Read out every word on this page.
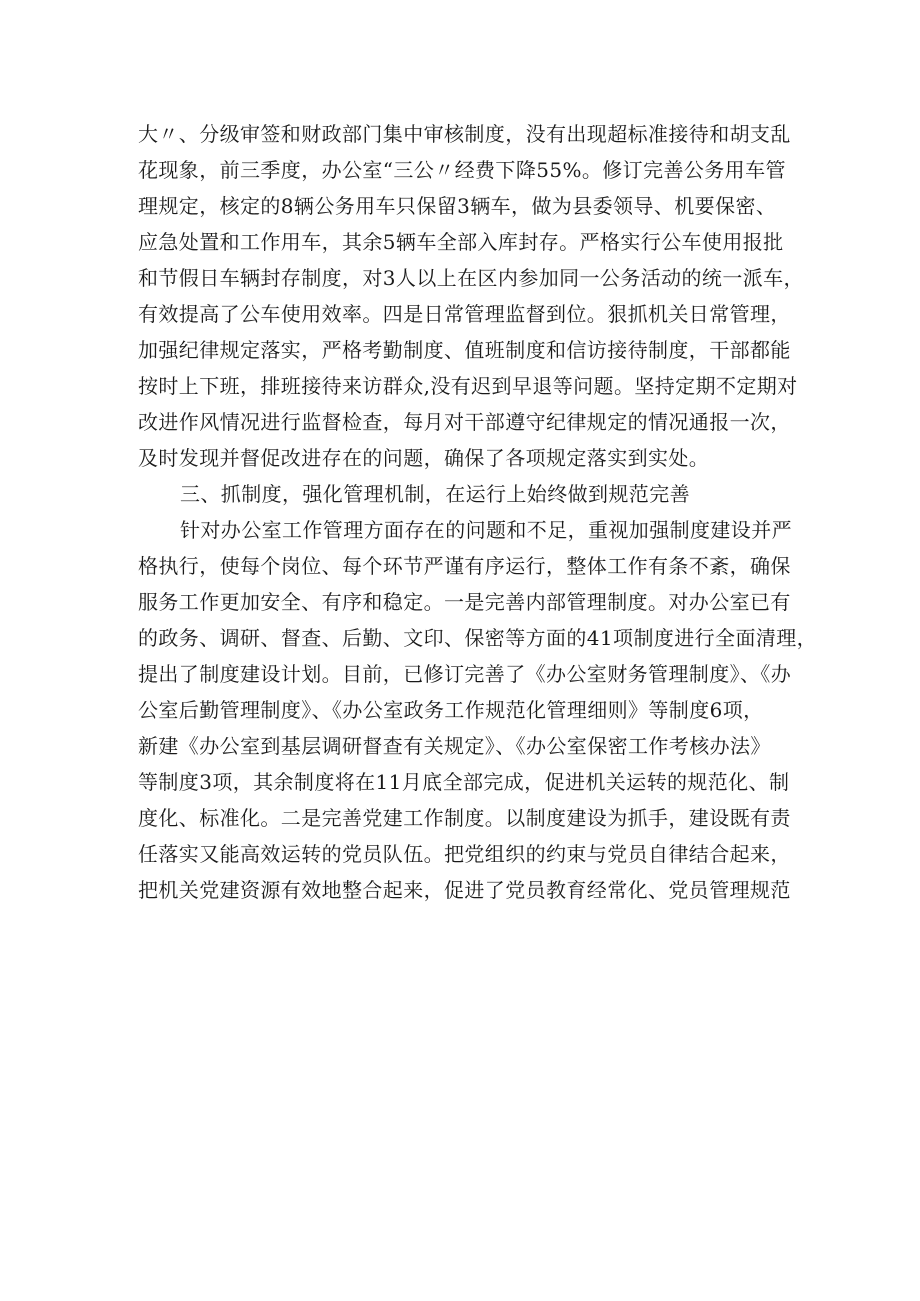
大〃、分级审签和财政部门集中审核制度，没有出现超标准接待和胡支乱
花现象，前三季度，办公室“三公〃经费下降55%。修订完善公务用车管
理规定，核定的8辆公务用车只保留3辆车，做为县委领导、机要保密、
应急处置和工作用车，其余5辆车全部入库封存。严格实行公车使用报批
和节假日车辆封存制度，对3人以上在区内参加同一公务活动的统一派车，
有效提高了公车使用效率。四是日常管理监督到位。狠抓机关日常管理，
加强纪律规定落实，严格考勤制度、值班制度和信访接待制度，干部都能
按时上下班，排班接待来访群众,没有迟到早退等问题。坚持定期不定期对
改进作风情况进行监督检查，每月对干部遵守纪律规定的情况通报一次，
及时发现并督促改进存在的问题，确保了各项规定落实到实处。
三、抓制度，强化管理机制，在运行上始终做到规范完善
针对办公室工作管理方面存在的问题和不足，重视加强制度建设并严
格执行，使每个岗位、每个环节严谨有序运行，整体工作有条不紊，确保
服务工作更加安全、有序和稳定。一是完善内部管理制度。对办公室已有
的政务、调研、督查、后勤、文印、保密等方面的41项制度进行全面清理，
提出了制度建设计划。目前，已修订完善了《办公室财务管理制度》、《办
公室后勤管理制度》、《办公室政务工作规范化管理细则》等制度6项，
新建《办公室到基层调研督查有关规定》、《办公室保密工作考核办法》
等制度3项，其余制度将在11月底全部完成，促进机关运转的规范化、制
度化、标准化。二是完善党建工作制度。以制度建设为抓手，建设既有责
任落实又能高效运转的党员队伍。把党组织的约束与党员自律结合起来，
把机关党建资源有效地整合起来，促进了党员教育经常化、党员管理规范
